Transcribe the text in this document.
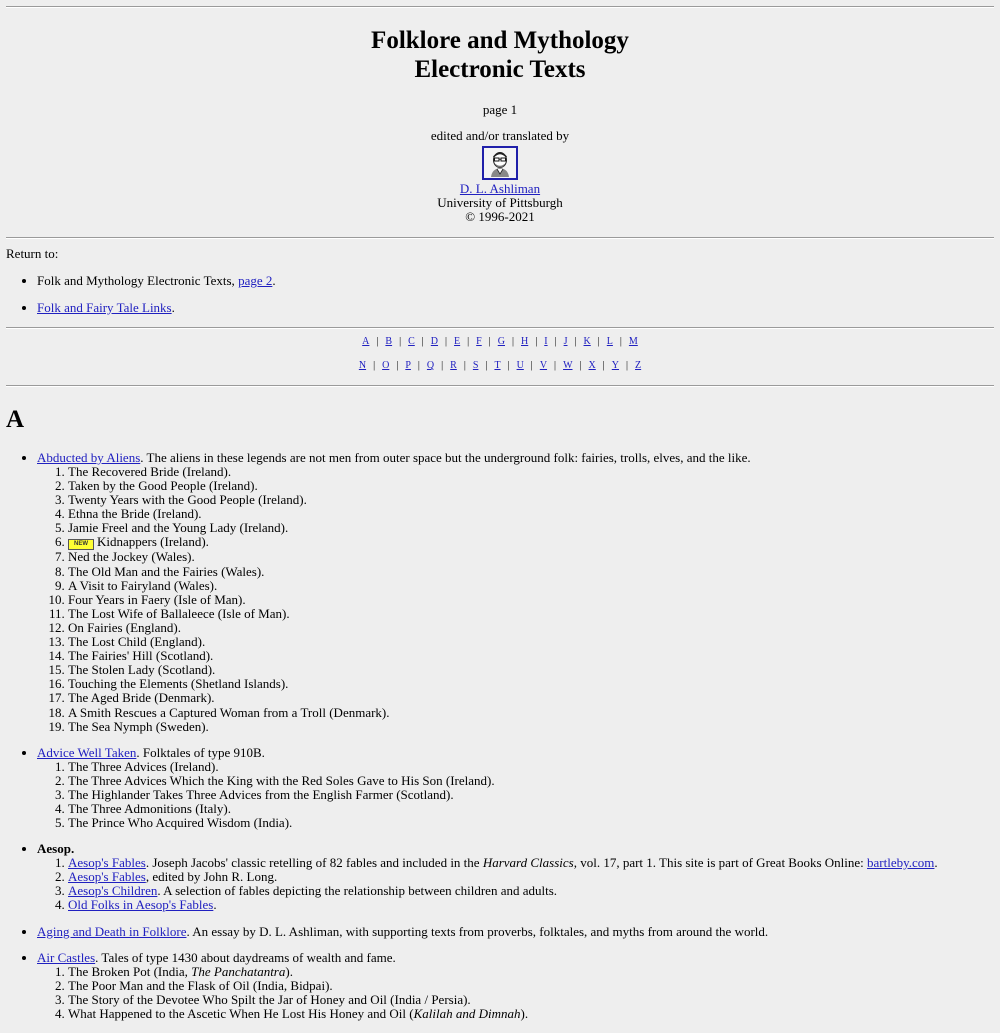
Folklore and Mythology
Electronic Texts
page 1
edited and/or translated by
D. L. Ashliman
University of Pittsburgh
© 1996-2021
Return to:
• Folk and Mythology Electronic Texts, page 2.
• Folk and Fairy Tale Links.
A | B | C | D | E | F | G | H | I | J | K | L | M
N | O | P | Q | R | S | T | U | V | W | X | Y | Z
A
• Abducted by Aliens. The aliens in these legends are not men from outer space but the underground folk: fairies, trolls, elves, and the like.
1. The Recovered Bride (Ireland).
2. Taken by the Good People (Ireland).
3. Twenty Years with the Good People (Ireland).
4. Ethna the Bride (Ireland).
5. Jamie Freel and the Young Lady (Ireland).
6. NEW Kidnappers (Ireland).
7. Ned the Jockey (Wales).
8. The Old Man and the Fairies (Wales).
9. A Visit to Fairyland (Wales).
10. Four Years in Faery (Isle of Man).
11. The Lost Wife of Ballaleece (Isle of Man).
12. On Fairies (England).
13. The Lost Child (England).
14. The Fairies' Hill (Scotland).
15. The Stolen Lady (Scotland).
16. Touching the Elements (Shetland Islands).
17. The Aged Bride (Denmark).
18. A Smith Rescues a Captured Woman from a Troll (Denmark).
19. The Sea Nymph (Sweden).
• Advice Well Taken. Folktales of type 910B.
1. The Three Advices (Ireland).
2. The Three Advices Which the King with the Red Soles Gave to His Son (Ireland).
3. The Highlander Takes Three Advices from the English Farmer (Scotland).
4. The Three Admonitions (Italy).
5. The Prince Who Acquired Wisdom (India).
• Aesop.
1. Aesop's Fables. Joseph Jacobs' classic retelling of 82 fables and included in the Harvard Classics, vol. 17, part 1. This site is part of Great Books Online: bartleby.com.
2. Aesop's Fables, edited by John R. Long.
3. Aesop's Children. A selection of fables depicting the relationship between children and adults.
4. Old Folks in Aesop's Fables.
• Aging and Death in Folklore. An essay by D. L. Ashliman, with supporting texts from proverbs, folktales, and myths from around the world.
• Air Castles. Tales of type 1430 about daydreams of wealth and fame.
1. The Broken Pot (India, The Panchatantra).
2. The Poor Man and the Flask of Oil (India, Bidpai).
3. The Story of the Devotee Who Spilt the Jar of Honey and Oil (India / Persia).
4. What Happened to the Ascetic When He Lost His Honey and Oil (Kalilah and Dimnah).
